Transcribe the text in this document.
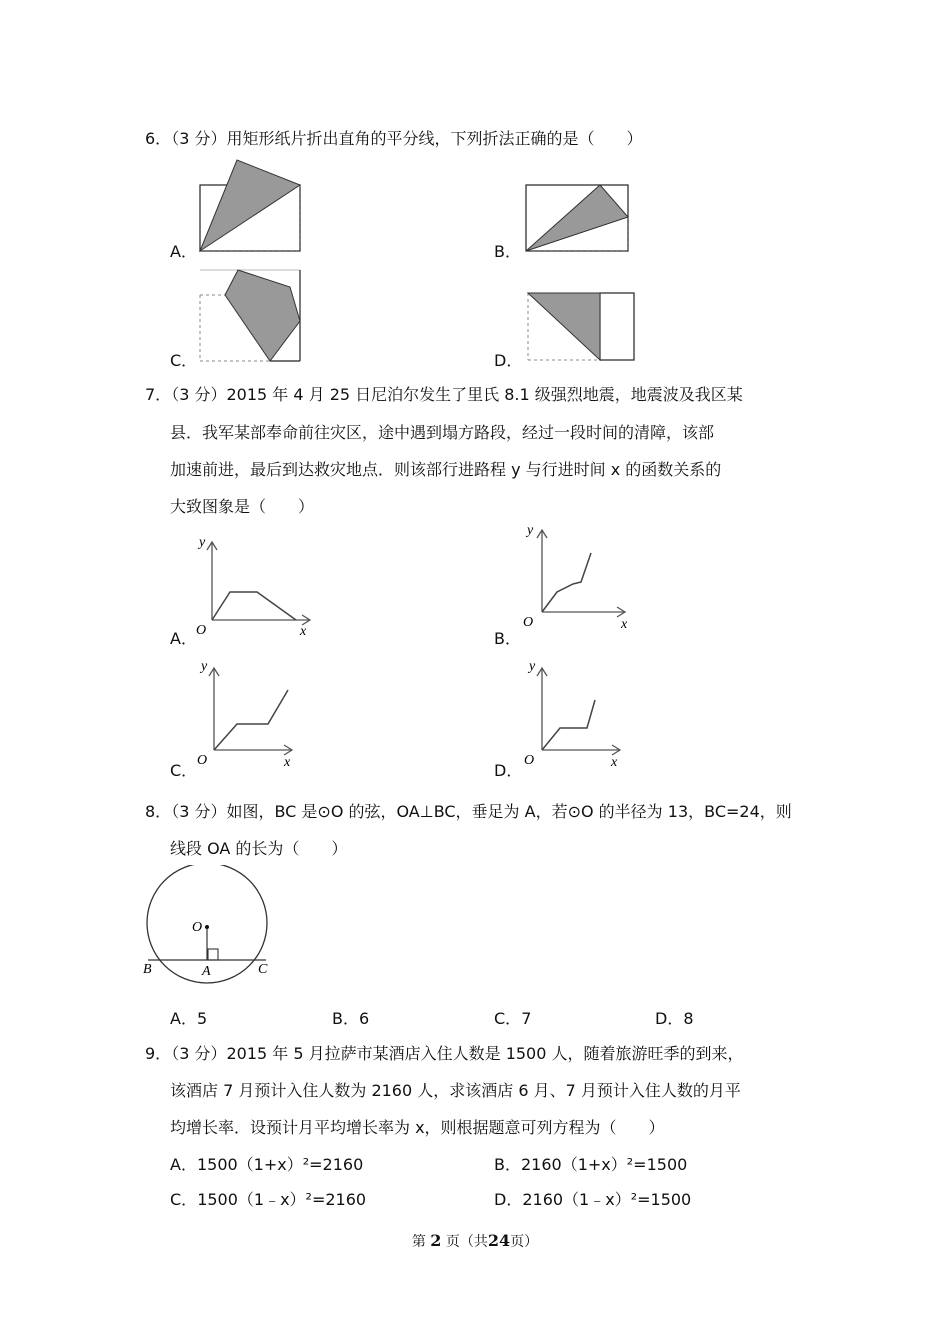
6．（3 分）用矩形纸片折出直角的平分线，下列折法正确的是（　　）
A．	B．
C．	D．
7．（3 分）2015 年 4 月 25 日尼泊尔发生了里氏 8.1 级强烈地震，地震波及我区某
县．我军某部奉命前往灾区，途中遇到塌方路段，经过一段时间的清障，该部
加速前进，最后到达救灾地点．则该部行进路程 y 与行进时间 x 的函数关系的
大致图象是（　　）
A．
y
x
O	B．
y
x
O
C．
y
x
O
D．
y
x
O
8．（3 分）如图，BC 是⊙O 的弦，OA⊥BC，垂足为 A，若⊙O 的半径为 13，BC=24，则
线段 OA 的长为（　　）
O
A
B	C
A．5	B．6	C．7	D．8
9．（3 分）2015 年 5 月拉萨市某酒店入住人数是 1500 人，随着旅游旺季的到来，
该酒店 7 月预计入住人数为 2160 人，求该酒店 6 月、7 月预计入住人数的月平
均增长率．设预计月平均增长率为 x，则根据题意可列方程为（　　）
A．1500（1+x）²=2160	B．2160（1+x）²=1500
C．1500（1﹣x）²=2160	D．2160（1﹣x）²=1500
第 2 页（共24页）
